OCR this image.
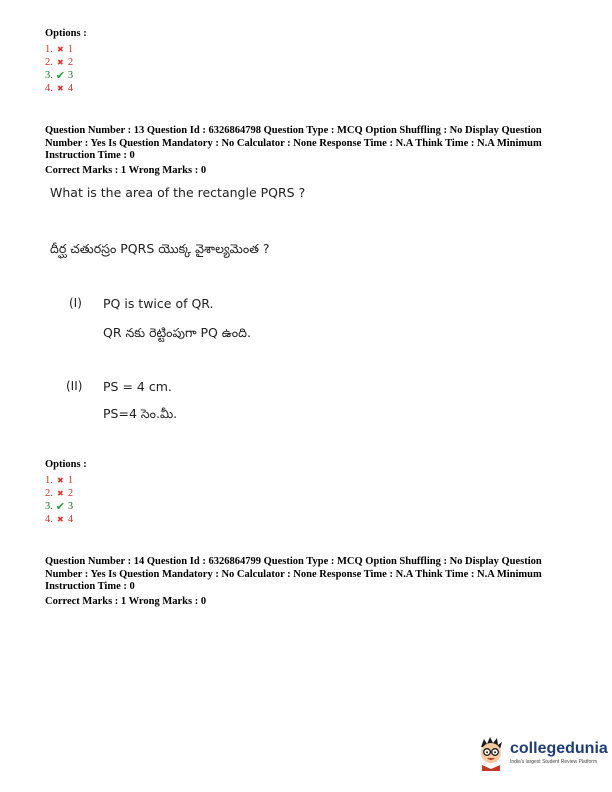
Options :
1. ✖ 1
2. ✖ 2
3. ✔ 3
4. ✖ 4
Question Number : 13 Question Id : 6326864798 Question Type : MCQ Option Shuffling : No Display Question
Number : Yes Is Question Mandatory : No Calculator : None Response Time : N.A Think Time : N.A Minimum
Instruction Time : 0
Correct Marks : 1 Wrong Marks : 0
What is the area of the rectangle PQRS ?
దీర్ఘ చతురస్రం PQRS యొక్క వైశాల్యమెంత ?
(I) PQ is twice of QR.
QR నకు రెట్టింపుగా PQ ఉంది.
(II) PS = 4 cm.
PS=4 సెం.మీ.
Options :
1. ✖ 1
2. ✖ 2
3. ✔ 3
4. ✖ 4
Question Number : 14 Question Id : 6326864799 Question Type : MCQ Option Shuffling : No Display Question
Number : Yes Is Question Mandatory : No Calculator : None Response Time : N.A Think Time : N.A Minimum
Instruction Time : 0
Correct Marks : 1 Wrong Marks : 0
collegedunia
India's largest Student Review Platform
